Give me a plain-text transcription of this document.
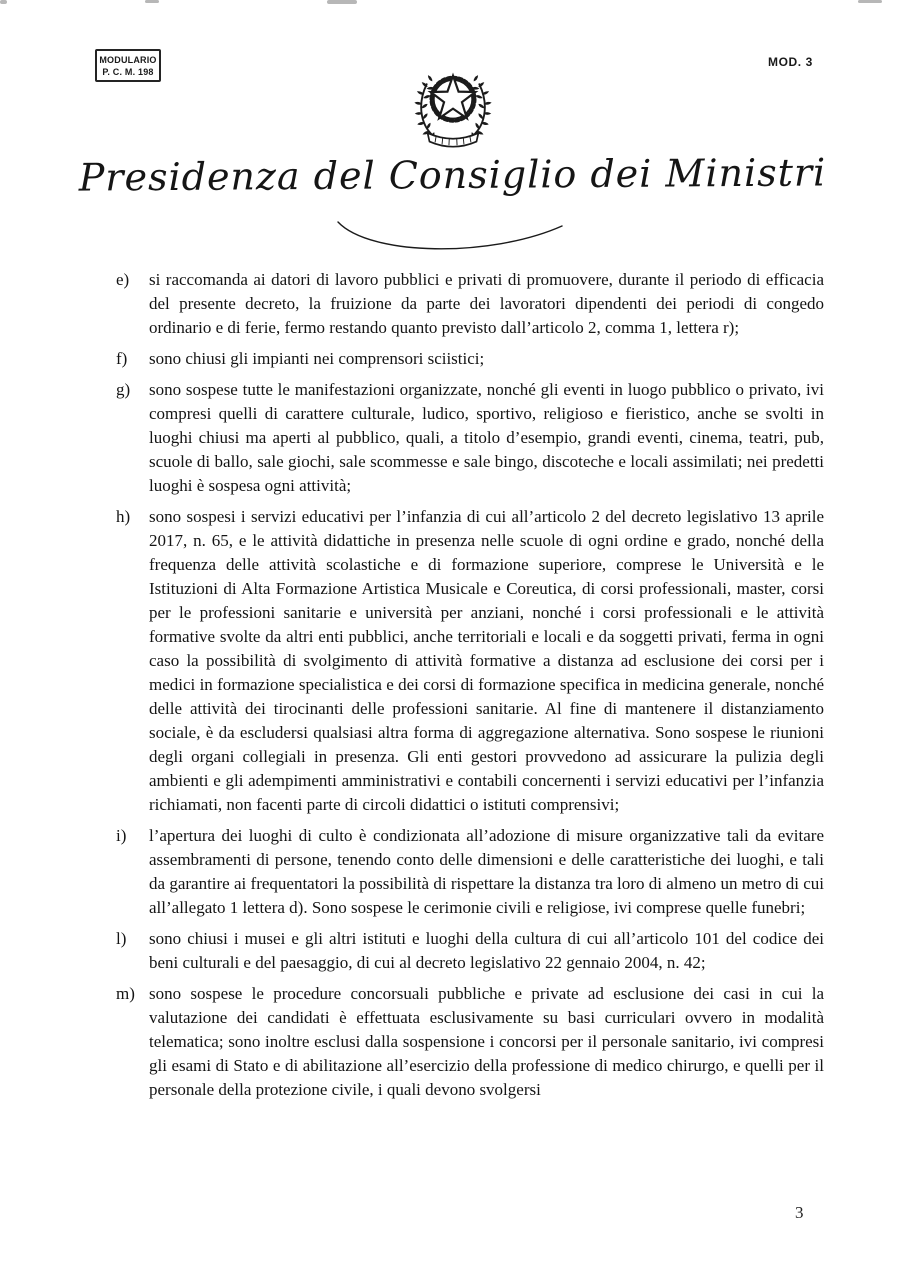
MODULARIO
P. C. M. 198
MOD. 3
Presidenza del Consiglio dei Ministri
e)	si raccomanda ai datori di lavoro pubblici e privati di promuovere, durante il periodo di efficacia del presente decreto, la fruizione da parte dei lavoratori dipendenti dei periodi di congedo ordinario e di ferie, fermo restando quanto previsto dall’articolo 2, comma 1, lettera r);

f)	sono chiusi gli impianti nei comprensori sciistici;

g)	sono sospese tutte le manifestazioni organizzate, nonché gli eventi in luogo pubblico o privato, ivi compresi quelli di carattere culturale, ludico, sportivo, religioso e fieristico, anche se svolti in luoghi chiusi ma aperti al pubblico, quali, a titolo d’esempio, grandi eventi, cinema, teatri, pub, scuole di ballo, sale giochi, sale scommesse e sale bingo, discoteche e locali assimilati; nei predetti luoghi è sospesa ogni attività;

h)	sono sospesi i servizi educativi per l’infanzia di cui all’articolo 2 del decreto legislativo 13 aprile 2017, n. 65, e le attività didattiche in presenza nelle scuole di ogni ordine e grado, nonché della frequenza delle attività scolastiche e di formazione superiore, comprese le Università e le Istituzioni di Alta Formazione Artistica Musicale e Coreutica, di corsi professionali, master, corsi per le professioni sanitarie e università per anziani, nonché i corsi professionali e le attività formative svolte da altri enti pubblici, anche territoriali e locali e da soggetti privati, ferma in ogni caso la possibilità di svolgimento di attività formative a distanza ad esclusione dei corsi per i medici in formazione specialistica e dei corsi di formazione specifica in medicina generale, nonché delle attività dei tirocinanti delle professioni sanitarie. Al fine di mantenere il distanziamento sociale, è da escludersi qualsiasi altra forma di aggregazione alternativa. Sono sospese le riunioni degli organi collegiali in presenza. Gli enti gestori provvedono ad assicurare la pulizia degli ambienti e gli adempimenti amministrativi e contabili concernenti i servizi educativi per l’infanzia richiamati, non facenti parte di circoli didattici o istituti comprensivi;

i)	l’apertura dei luoghi di culto è condizionata all’adozione di misure organizzative tali da evitare assembramenti di persone, tenendo conto delle dimensioni e delle caratteristiche dei luoghi, e tali da garantire ai frequentatori la possibilità di rispettare la distanza tra loro di almeno un metro di cui all’allegato 1 lettera d). Sono sospese le cerimonie civili e religiose, ivi comprese quelle funebri;

l)	sono chiusi i musei e gli altri istituti e luoghi della cultura di cui all’articolo 101 del codice dei beni culturali e del paesaggio, di cui al decreto legislativo 22 gennaio 2004, n. 42;

m) sono sospese le procedure concorsuali pubbliche e private ad esclusione dei casi in cui la valutazione dei candidati è effettuata esclusivamente su basi curriculari ovvero in modalità telematica; sono inoltre esclusi dalla sospensione i concorsi per il personale sanitario, ivi compresi gli esami di Stato e di abilitazione all’esercizio della professione di medico chirurgo, e quelli per il personale della protezione civile, i quali devono svolgersi

3
